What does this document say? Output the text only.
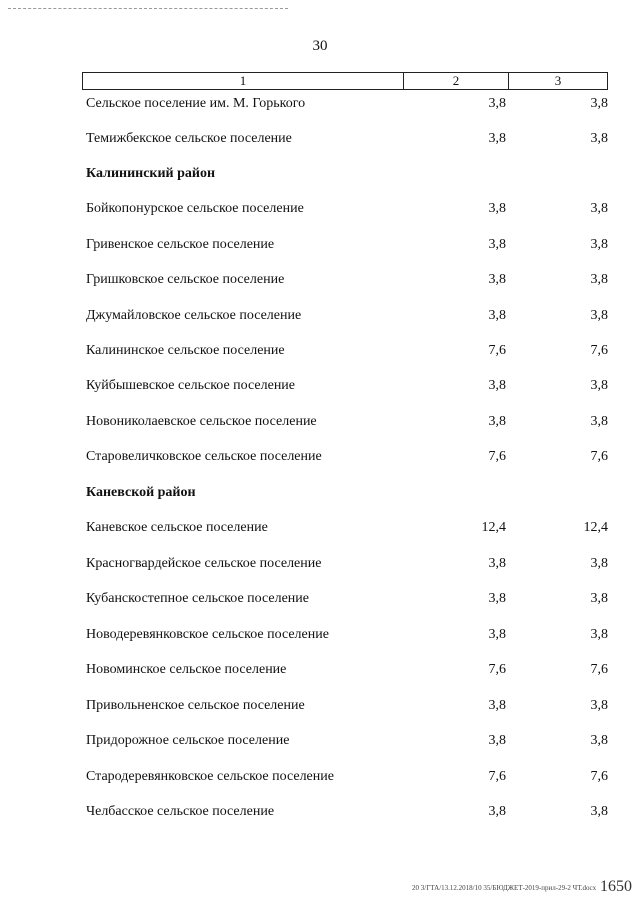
30
1	2	3
Сельское поселение им. М. Горького	3,8	3,8
Темижбекское сельское поселение	3,8	3,8
Калининский район
Бойкопонурское сельское поселение	3,8	3,8
Гривенское сельское поселение	3,8	3,8
Гришковское сельское поселение	3,8	3,8
Джумайловское сельское поселение	3,8	3,8
Калининское сельское поселение	7,6	7,6
Куйбышевское сельское поселение	3,8	3,8
Новониколаевское сельское поселение	3,8	3,8
Старовеличковское сельское поселение	7,6	7,6
Каневской район
Каневское сельское поселение	12,4	12,4
Красногвардейское сельское поселение	3,8	3,8
Кубанскостепное сельское поселение	3,8	3,8
Новодеревянковское сельское поселение	3,8	3,8
Новоминское сельское поселение	7,6	7,6
Привольненское сельское поселение	3,8	3,8
Придорожное сельское поселение	3,8	3,8
Стародеревянковское сельское поселение	7,6	7,6
Челбасское сельское поселение	3,8	3,8
20 3/ГТА/13.12.2018/10 35/БЮДЖЕТ-2019-прил-29-2 ЧТ.docx 1650
